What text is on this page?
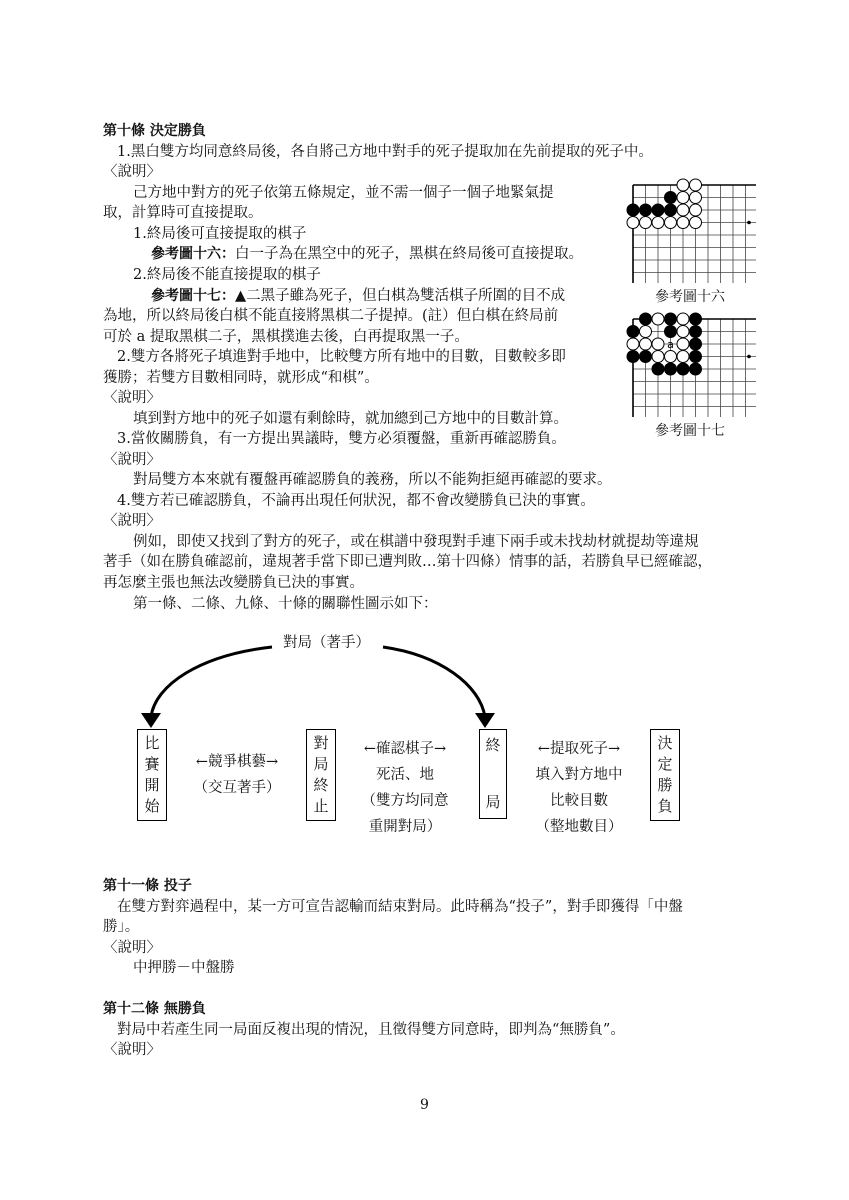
第十條 決定勝負
1.黑白雙方均同意終局後，各自將己方地中對手的死子提取加在先前提取的死子中。
〈說明〉
己方地中對方的死子依第五條規定，並不需一個子一個子地緊氣提
取，計算時可直接提取。
1.終局後可直接提取的棋子
參考圖十六：白一子為在黑空中的死子，黑棋在終局後可直接提取。
2.終局後不能直接提取的棋子
參考圖十七：▲二黑子雖為死子，但白棋為雙活棋子所圍的目不成
為地，所以終局後白棋不能直接將黑棋二子提掉。(註）但白棋在終局前
可於 a 提取黑棋二子，黑棋撲進去後，白再提取黑一子。
2.雙方各將死子填進對手地中，比較雙方所有地中的目數，目數較多即
獲勝；若雙方目數相同時，就形成“和棋”。
〈說明〉
填到對方地中的死子如還有剩餘時，就加總到己方地中的目數計算。
3.當攸關勝負，有一方提出異議時，雙方必須覆盤，重新再確認勝負。
〈說明〉
對局雙方本來就有覆盤再確認勝負的義務，所以不能夠拒絕再確認的要求。
4.雙方若已確認勝負，不論再出現任何狀況，都不會改變勝負已決的事實。
〈說明〉
例如，即使又找到了對方的死子，或在棋譜中發現對手連下兩手或未找劫材就提劫等違規
著手（如在勝負確認前，違規著手當下即已遭判敗…第十四條）情事的話，若勝負早已經確認，
再怎麼主張也無法改變勝負已決的事實。
第一條、二條、九條、十條的關聯性圖示如下：
參考圖十六
a
參考圖十七
對局（著手）
比
賽
開
始
對
局
終
止
終
局
決
定
勝
負
←競爭棋藝→
（交互著手）
←確認棋子→
死活、地
（雙方均同意
重開對局）
←提取死子→
填入對方地中
比較目數
（整地數目）
第十一條 投子
在雙方對弈過程中，某一方可宣告認輸而結束對局。此時稱為“投子”，對手即獲得「中盤
勝」。
〈說明〉
中押勝－中盤勝
第十二條 無勝負
對局中若產生同一局面反複出現的情況，且徵得雙方同意時，即判為“無勝負”。
〈說明〉
9
